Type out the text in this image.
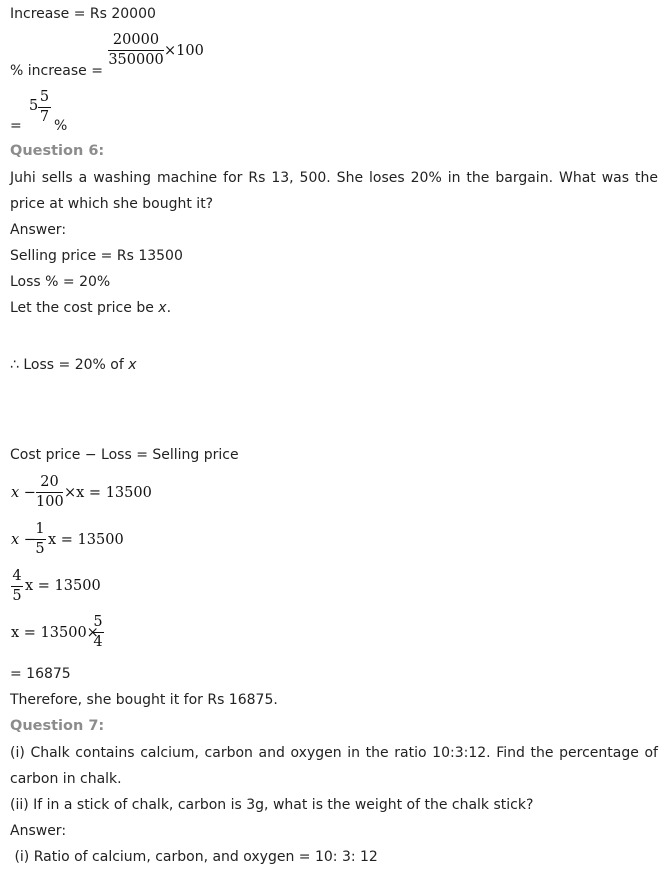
Increase = Rs 20000
20000
350000
×100
% increase =
=
5
5
7
%
Question 6:
Juhi sells a washing machine for Rs 13, 500. She loses 20% in the bargain. What was the price at which she bought it?
Answer:
Selling price = Rs 13500
Loss % = 20%
Let the cost price be x.
∴ Loss = 20% of x
Cost price − Loss = Selling price
x −
20
100
×x = 13500
x −
1
5
x = 13500
4
5
x = 13500
x = 13500×
5
4
= 16875
Therefore, she bought it for Rs 16875.
Question 7:
(i) Chalk contains calcium, carbon and oxygen in the ratio 10:3:12. Find the percentage of carbon in chalk.
(ii) If in a stick of chalk, carbon is 3g, what is the weight of the chalk stick?
Answer:
(i) Ratio of calcium, carbon, and oxygen = 10: 3: 12
